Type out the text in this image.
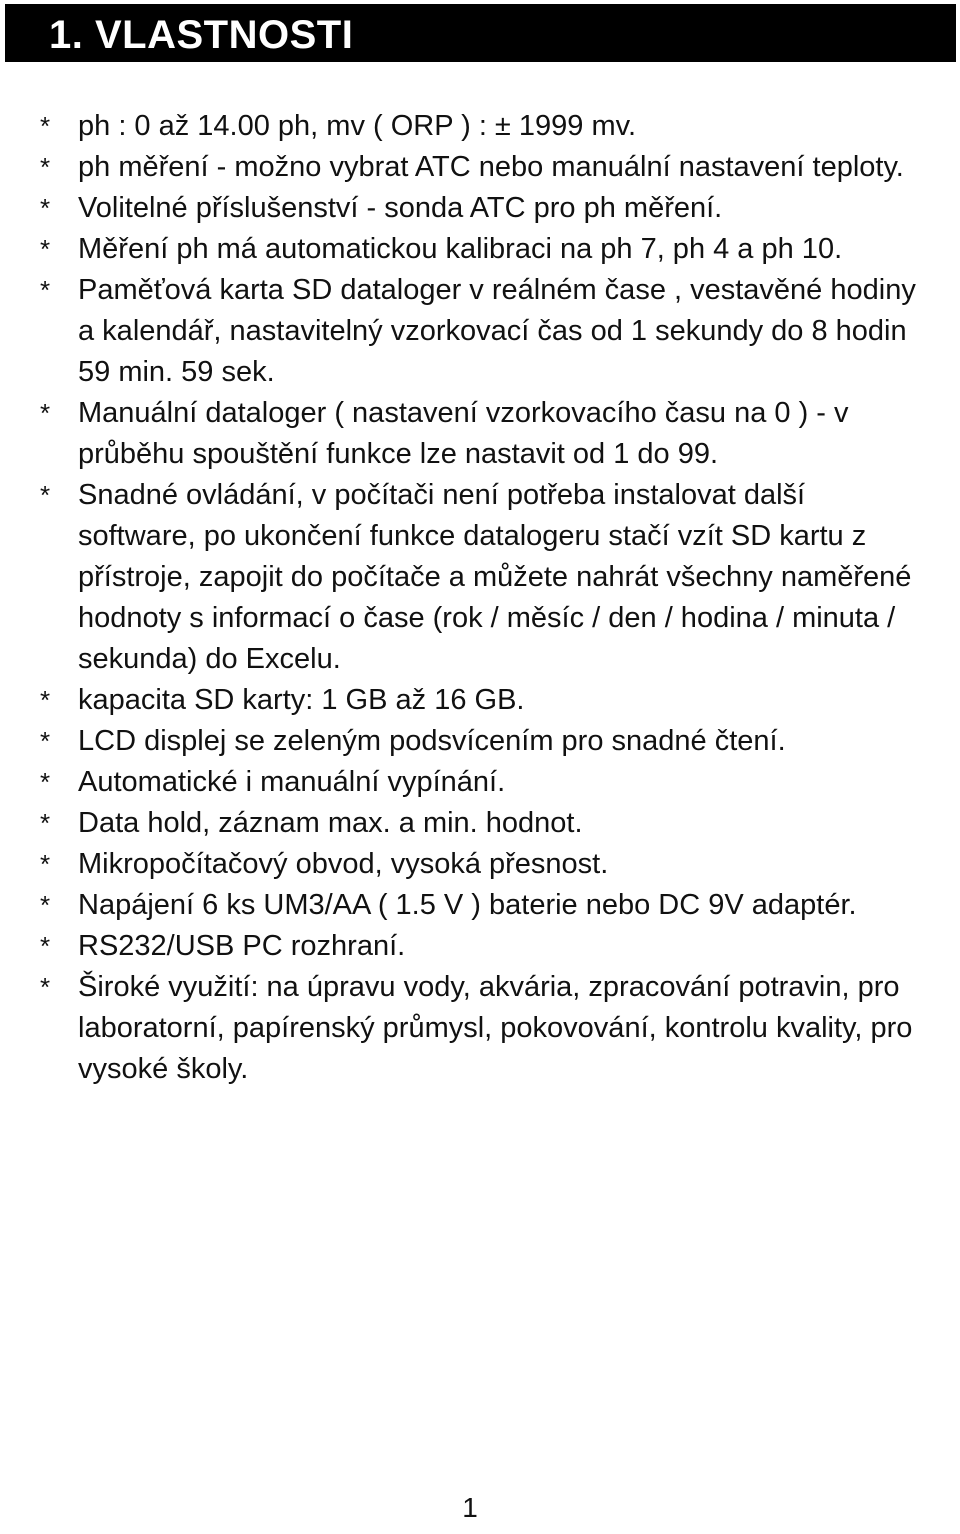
1. VLASTNOSTI
* ph : 0 až 14.00 ph, mv ( ORP ) : ± 1999 mv.
* ph měření - možno vybrat ATC nebo manuální nastavení teploty.
* Volitelné příslušenství - sonda ATC pro ph měření.
* Měření ph má automatickou kalibraci na ph 7, ph 4 a ph 10.
* Paměťová karta SD dataloger v reálném čase , vestavěné hodiny a kalendář, nastavitelný vzorkovací čas od 1 sekundy do 8 hodin 59 min. 59 sek.
* Manuální dataloger ( nastavení vzorkovacího času na 0 ) - v průběhu spouštění funkce lze nastavit od 1 do 99.
* Snadné ovládání, v počítači není potřeba instalovat další software, po ukončení funkce datalogeru stačí vzít SD kartu z přístroje, zapojit do počítače a můžete nahrát všechny naměřené hodnoty s informací o čase (rok / měsíc / den / hodina / minuta / sekunda) do Excelu.
* kapacita SD karty: 1 GB až 16 GB.
* LCD displej se zeleným podsvícením pro snadné čtení.
* Automatické i manuální vypínání.
* Data hold, záznam max. a min. hodnot.
* Mikropočítačový obvod, vysoká přesnost.
* Napájení 6 ks UM3/AA ( 1.5 V ) baterie nebo DC 9V adaptér.
* RS232/USB PC rozhraní.
* Široké využití: na úpravu vody, akvária, zpracování potravin, pro laboratorní, papírenský průmysl, pokovování, kontrolu kvality, pro vysoké školy.
1
